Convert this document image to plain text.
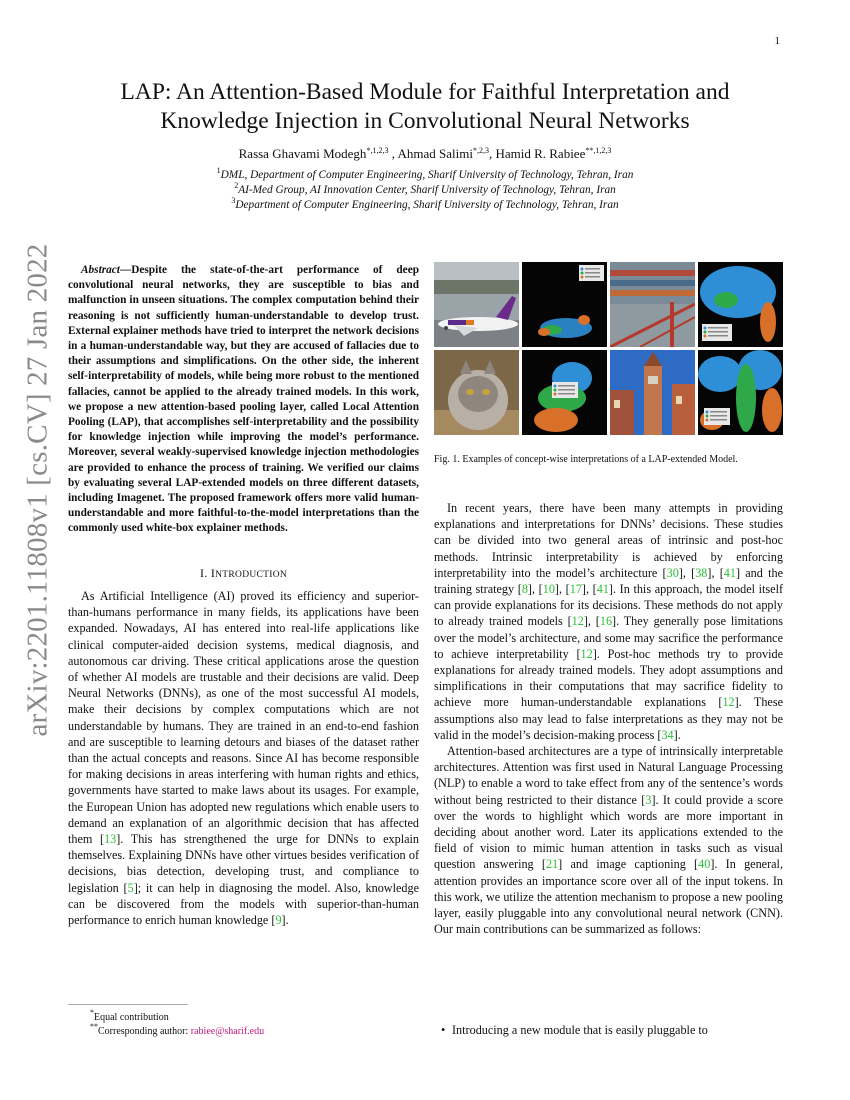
1
arXiv:2201.11808v1 [cs.CV] 27 Jan 2022
LAP: An Attention-Based Module for Faithful Interpretation and
Knowledge Injection in Convolutional Neural Networks
Rassa Ghavami Modegh$^{*,1,2,3}$ , Ahmad Salimi$^{*,2,3}$, Hamid R. Rabiee$^{**,1,2,3}$
$^1$DML, Department of Computer Engineering, Sharif University of Technology, Tehran, Iran
$^2$AI-Med Group, AI Innovation Center, Sharif University of Technology, Tehran, Iran
$^3$Department of Computer Engineering, Sharif University of Technology, Tehran, Iran
Abstract—Despite the state-of-the-art performance of deep convolutional neural networks, they are susceptible to bias and malfunction in unseen situations. The complex computation behind their reasoning is not sufficiently human-understandable to develop trust. External explainer methods have tried to interpret the network decisions in a human-understandable way, but they are accused of fallacies due to their assumptions and simplifications. On the other side, the inherent self-interpretability of models, while being more robust to the mentioned fallacies, cannot be applied to the already trained models. In this work, we propose a new attention-based pooling layer, called Local Attention Pooling (LAP), that accomplishes self-interpretability and the possibility for knowledge injection while improving the model’s performance. Moreover, several weakly-supervised knowledge injection methodologies are provided to enhance the process of training. We verified our claims by evaluating several LAP-extended models on three different datasets, including Imagenet. The proposed framework offers more valid human-understandable and more faithful-to-the-model interpretations than the commonly used white-box explainer methods.
I. INTRODUCTION

As Artificial Intelligence (AI) proved its efficiency and superior-than-humans performance in many fields, its applications have been expanded. Nowadays, AI has entered into real-life applications like clinical computer-aided decision systems, medical diagnosis, and autonomous car driving. These critical applications arose the question of whether AI models are trustable and their decisions are valid. Deep Neural Networks (DNNs), as one of the most successful AI models, make their decisions by complex computations which are not understandable by humans. They are trained in an end-to-end fashion and are susceptible to learning detours and biases of the dataset rather than the actual concepts and reasons. Since AI has become responsible for making decisions in areas interfering with human rights and ethics, governments have started to make laws about its usages. For example, the European Union has adopted new regulations which enable users to demand an explanation of an algorithmic decision that has affected them [13]. This has strengthened the urge for DNNs to explain themselves. Explaining DNNs have other virtues besides verification of decisions, bias detection, developing trust, and compliance to legislation [5]; it can help in diagnosing the model. Also, knowledge can be discovered from the models with superior-than-human performance to enrich human knowledge [9].

Fig. 1. Examples of concept-wise interpretations of a LAP-extended Model.

In recent years, there have been many attempts in providing explanations and interpretations for DNNs’ decisions. These studies can be divided into two general areas of intrinsic and post-hoc methods. Intrinsic interpretability is achieved by enforcing interpretability into the model’s architecture [30], [38], [41] and the training strategy [8], [10], [17], [41]. In this approach, the model itself can provide explanations for its decisions. These methods do not apply to already trained models [12], [16]. They generally pose limitations over the model’s architecture, and some may sacrifice the performance to achieve interpretability [12]. Post-hoc methods try to provide explanations for already trained models. They adopt assumptions and simplifications in their computations that may sacrifice fidelity to achieve more human-understandable explanations [12]. These assumptions also may lead to false interpretations as they may not be valid in the model’s decision-making process [34].

Attention-based architectures are a type of intrinsically interpretable architectures. Attention was first used in Natural Language Processing (NLP) to enable a word to take effect from any of the sentence’s words without being restricted to their distance [3]. It could provide a score over the words to highlight which words are more important in deciding about another word. Later its applications extended to the field of vision to mimic human attention in tasks such as visual question answering [21] and image captioning [40]. In general, attention provides an importance score over all of the input tokens. In this work, we utilize the attention mechanism to propose a new pooling layer, easily pluggable into any convolutional neural network (CNN). Our main contributions can be summarized as follows:

• Introducing a new module that is easily pluggable to
*Equal contribution
**Corresponding author: rabiee@sharif.edu
